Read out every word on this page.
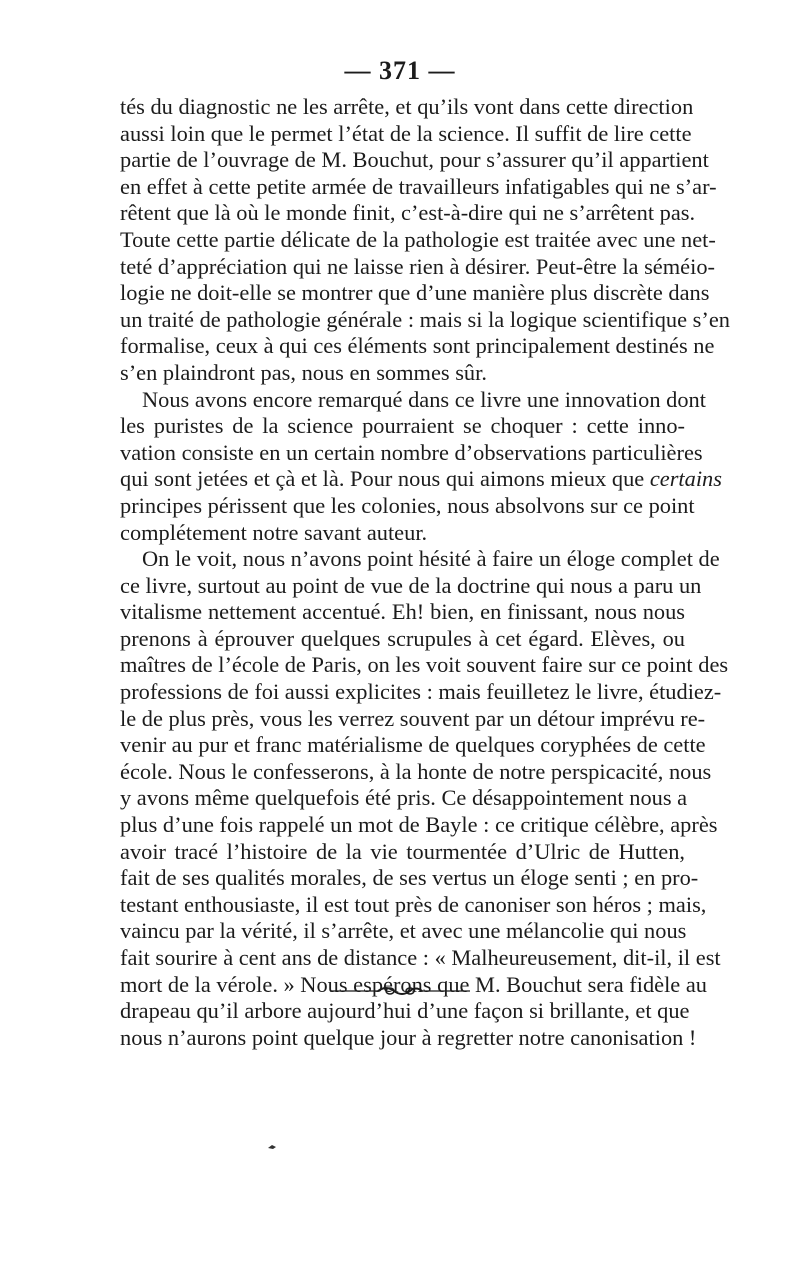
— 371 —
tés du diagnostic ne les arrête, et qu’ils vont dans cette direction
aussi loin que le permet l’état de la science. Il suffit de lire cette
partie de l’ouvrage de M. Bouchut, pour s’assurer qu’il appartient
en effet à cette petite armée de travailleurs infatigables qui ne s’ar-
rêtent que là où le monde finit, c’est-à-dire qui ne s’arrêtent pas.
Toute cette partie délicate de la pathologie est traitée avec une net-
teté d’appréciation qui ne laisse rien à désirer. Peut-être la séméio-
logie ne doit-elle se montrer que d’une manière plus discrète dans
un traité de pathologie générale : mais si la logique scientifique s’en
formalise, ceux à qui ces éléments sont principalement destinés ne
s’en plaindront pas, nous en sommes sûr.
Nous avons encore remarqué dans ce livre une innovation dont
les puristes de la science pourraient se choquer : cette inno-
vation consiste en un certain nombre d’observations particulières
qui sont jetées et çà et là. Pour nous qui aimons mieux que certains
principes périssent que les colonies, nous absolvons sur ce point
complétement notre savant auteur.
On le voit, nous n’avons point hésité à faire un éloge complet de
ce livre, surtout au point de vue de la doctrine qui nous a paru un
vitalisme nettement accentué. Eh! bien, en finissant, nous nous
prenons à éprouver quelques scrupules à cet égard. Elèves, ou
maîtres de l’école de Paris, on les voit souvent faire sur ce point des
professions de foi aussi explicites : mais feuilletez le livre, étudiez-
le de plus près, vous les verrez souvent par un détour imprévu re-
venir au pur et franc matérialisme de quelques coryphées de cette
école. Nous le confesserons, à la honte de notre perspicacité, nous
y avons même quelquefois été pris. Ce désappointement nous a
plus d’une fois rappelé un mot de Bayle : ce critique célèbre, après
avoir tracé l’histoire de la vie tourmentée d’Ulric de Hutten,
fait de ses qualités morales, de ses vertus un éloge senti ; en pro-
testant enthousiaste, il est tout près de canoniser son héros ; mais,
vaincu par la vérité, il s’arrête, et avec une mélancolie qui nous
fait sourire à cent ans de distance : « Malheureusement, dit-il, il est
mort de la vérole. » Nous espérons que M. Bouchut sera fidèle au
drapeau qu’il arbore aujourd’hui d’une façon si brillante, et que
nous n’aurons point quelque jour à regretter notre canonisation !
